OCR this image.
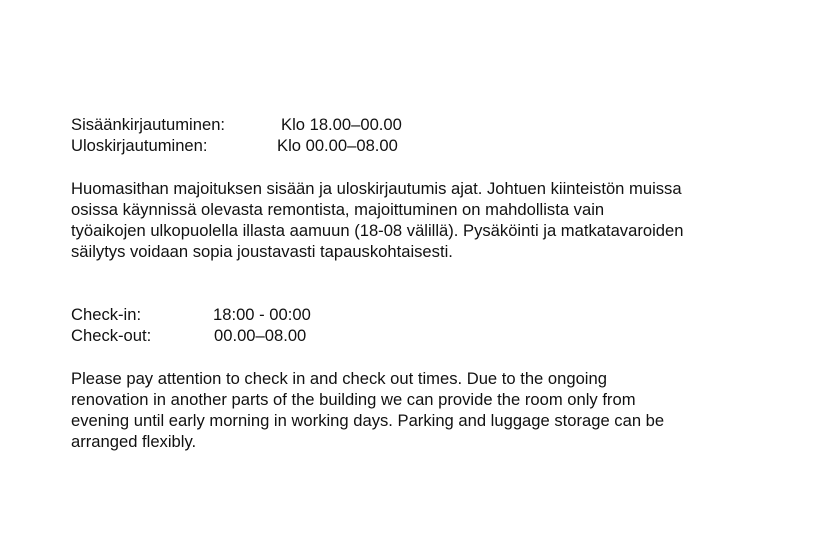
Sisäänkirjautuminen:	Klo 18.00–00.00
Uloskirjautuminen:	Klo 00.00–08.00

Huomasithan majoituksen sisään ja uloskirjautumis ajat. Johtuen kiinteistön muissa
osissa käynnissä olevasta remontista, majoittuminen on mahdollista vain
työaikojen ulkopuolella illasta aamuun (18-08 välillä). Pysäköinti ja matkatavaroiden
säilytys voidaan sopia joustavasti tapauskohtaisesti.

Check-in:	18:00 - 00:00
Check-out:	00.00–08.00

Please pay attention to check in and check out times. Due to the ongoing
renovation in another parts of the building we can provide the room only from
evening until early morning in working days. Parking and luggage storage can be
arranged flexibly.
